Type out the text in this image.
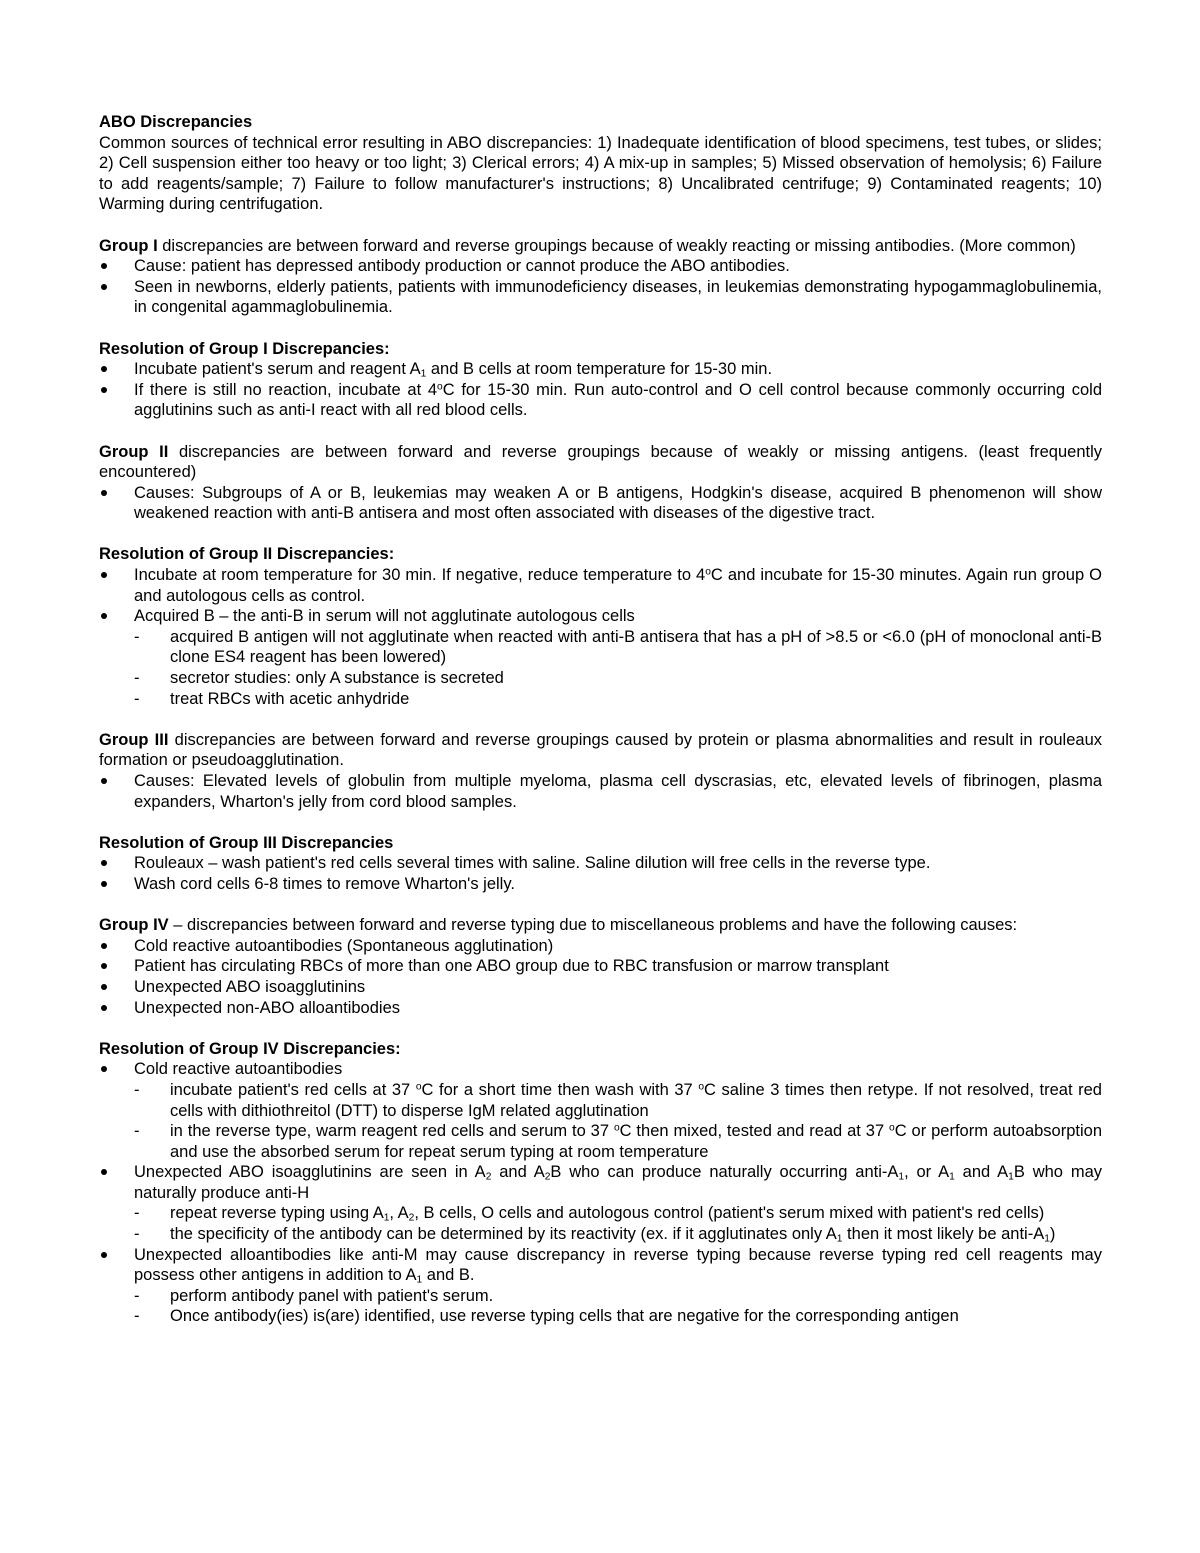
ABO Discrepancies
Common sources of technical error resulting in ABO discrepancies: 1) Inadequate identification of blood specimens, test tubes, or slides; 2) Cell suspension either too heavy or too light; 3) Clerical errors; 4) A mix-up in samples; 5) Missed observation of hemolysis; 6) Failure to add reagents/sample; 7) Failure to follow manufacturer's instructions; 8) Uncalibrated centrifuge; 9) Contaminated reagents; 10) Warming during centrifugation.
Group I discrepancies are between forward and reverse groupings because of weakly reacting or missing antibodies. (More common)
Cause: patient has depressed antibody production or cannot produce the ABO antibodies.
Seen in newborns, elderly patients, patients with immunodeficiency diseases, in leukemias demonstrating hypogammaglobulinemia, in congenital agammaglobulinemia.
Resolution of Group I Discrepancies:
Incubate patient's serum and reagent $A_1$ and B cells at room temperature for 15-30 min.
If there is still no reaction, incubate at 4$^o$C for 15-30 min. Run auto-control and O cell control because commonly occurring cold agglutinins such as anti-I react with all red blood cells.
Group II discrepancies are between forward and reverse groupings because of weakly or missing antigens. (least frequently encountered)
Causes: Subgroups of A or B, leukemias may weaken A or B antigens, Hodgkin's disease, acquired B phenomenon will show weakened reaction with anti-B antisera and most often associated with diseases of the digestive tract.
Resolution of Group II Discrepancies:
Incubate at room temperature for 30 min. If negative, reduce temperature to 4$^o$C and incubate for 15-30 minutes. Again run group O and autologous cells as control.
Acquired B – the anti-B in serum will not agglutinate autologous cells
- acquired B antigen will not agglutinate when reacted with anti-B antisera that has a pH of >8.5 or <6.0 (pH of monoclonal anti-B clone ES4 reagent has been lowered)
- secretor studies: only A substance is secreted
- treat RBCs with acetic anhydride
Group III discrepancies are between forward and reverse groupings caused by protein or plasma abnormalities and result in rouleaux formation or pseudoagglutination.
Causes: Elevated levels of globulin from multiple myeloma, plasma cell dyscrasias, etc, elevated levels of fibrinogen, plasma expanders, Wharton's jelly from cord blood samples.
Resolution of Group III Discrepancies
Rouleaux – wash patient's red cells several times with saline. Saline dilution will free cells in the reverse type.
Wash cord cells 6-8 times to remove Wharton's jelly.
Group IV – discrepancies between forward and reverse typing due to miscellaneous problems and have the following causes:
Cold reactive autoantibodies (Spontaneous agglutination)
Patient has circulating RBCs of more than one ABO group due to RBC transfusion or marrow transplant
Unexpected ABO isoagglutinins
Unexpected non-ABO alloantibodies
Resolution of Group IV Discrepancies:
Cold reactive autoantibodies
- incubate patient's red cells at 37 $^o$C for a short time then wash with 37 $^o$C saline 3 times then retype. If not resolved, treat red cells with dithiothreitol (DTT) to disperse IgM related agglutination
- in the reverse type, warm reagent red cells and serum to 37 $^o$C then mixed, tested and read at 37 $^o$C or perform autoabsorption and use the absorbed serum for repeat serum typing at room temperature
Unexpected ABO isoagglutinins are seen in $A_2$ and $A_2B$ who can produce naturally occurring anti-$A_1$, or $A_1$ and $A_1B$ who may naturally produce anti-H
- repeat reverse typing using $A_1$, $A_2$, B cells, O cells and autologous control (patient's serum mixed with patient's red cells)
- the specificity of the antibody can be determined by its reactivity (ex. if it agglutinates only $A_1$ then it most likely be anti-$A_1$)
Unexpected alloantibodies like anti-M may cause discrepancy in reverse typing because reverse typing red cell reagents may possess other antigens in addition to $A_1$ and B.
- perform antibody panel with patient's serum.
- Once antibody(ies) is(are) identified, use reverse typing cells that are negative for the corresponding antigen
